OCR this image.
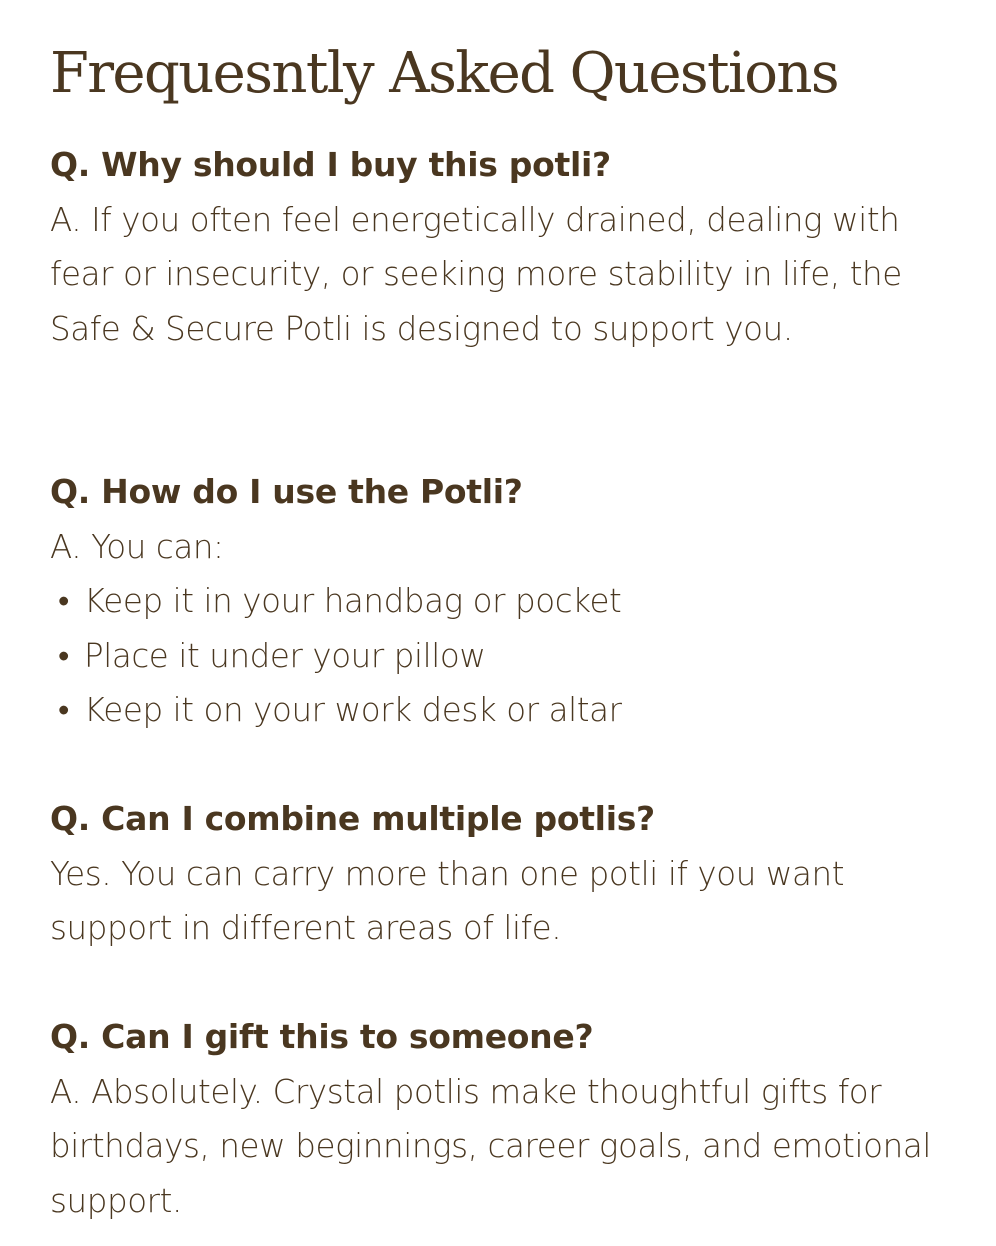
Frequesntly Asked Questions

Q. Why should I buy this potli?

A. If you often feel energetically drained, dealing with fear or insecurity, or seeking more stability in life, the Safe & Secure Potli is designed to support you.

Q. How do I use the Potli?

A. You can:

• Keep it in your handbag or pocket
• Place it under your pillow
• Keep it on your work desk or altar

Q. Can I combine multiple potlis?

Yes. You can carry more than one potli if you want support in different areas of life.

Q. Can I gift this to someone?

A. Absolutely. Crystal potlis make thoughtful gifts for birthdays, new beginnings, career goals, and emotional support.
